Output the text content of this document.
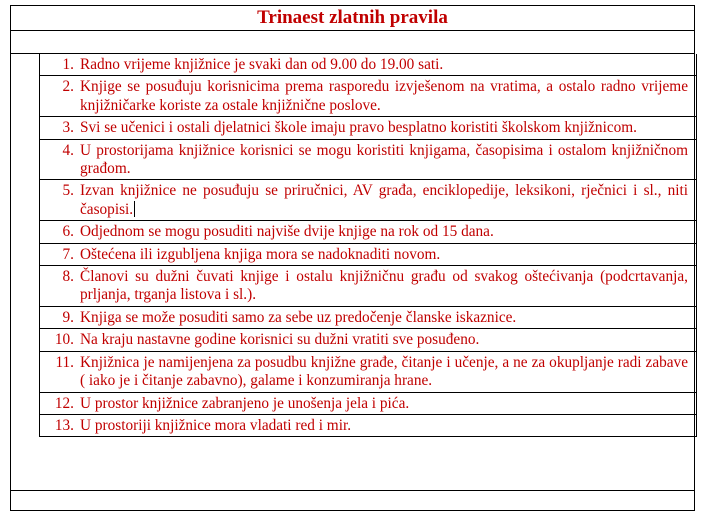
Trinaest zlatnih pravila
1. Radno vrijeme knjižnice je svaki dan od 9.00 do 19.00 sati.
2. Knjige se posuđuju korisnicima prema rasporedu izvješenom na vratima, a ostalo radno vrijeme knjižničarke koriste za ostale knjižnične poslove.
3. Svi se učenici i ostali djelatnici škole imaju pravo besplatno koristiti školskom knjižnicom.
4. U prostorijama knjižnice korisnici se mogu koristiti knjigama, časopisima i ostalom knjižničnom građom.
5. Izvan knjižnice ne posuđuju se priručnici, AV građa, enciklopedije, leksikoni, rječnici i sl., niti časopisi.
6. Odjednom se mogu posuditi najviše dvije knjige na rok od 15 dana.
7. Oštećena ili izgubljena knjiga mora se nadoknaditi novom.
8. Članovi su dužni čuvati knjige i ostalu knjižničnu građu od svakog oštećivanja (podcrtavanja, prljanja, trganja listova i sl.).
9. Knjiga se može posuditi samo za sebe uz predočenje članske iskaznice.
10. Na kraju nastavne godine korisnici su dužni vratiti sve posuđeno.
11. Knjižnica je namijenjena za posudbu knjižne građe, čitanje i učenje, a ne za okupljanje radi zabave ( iako je i čitanje zabavno), galame i konzumiranja hrane.
12. U prostor knjižnice zabranjeno je unošenja jela i pića.
13. U prostoriji knjižnice mora vladati red i mir.
